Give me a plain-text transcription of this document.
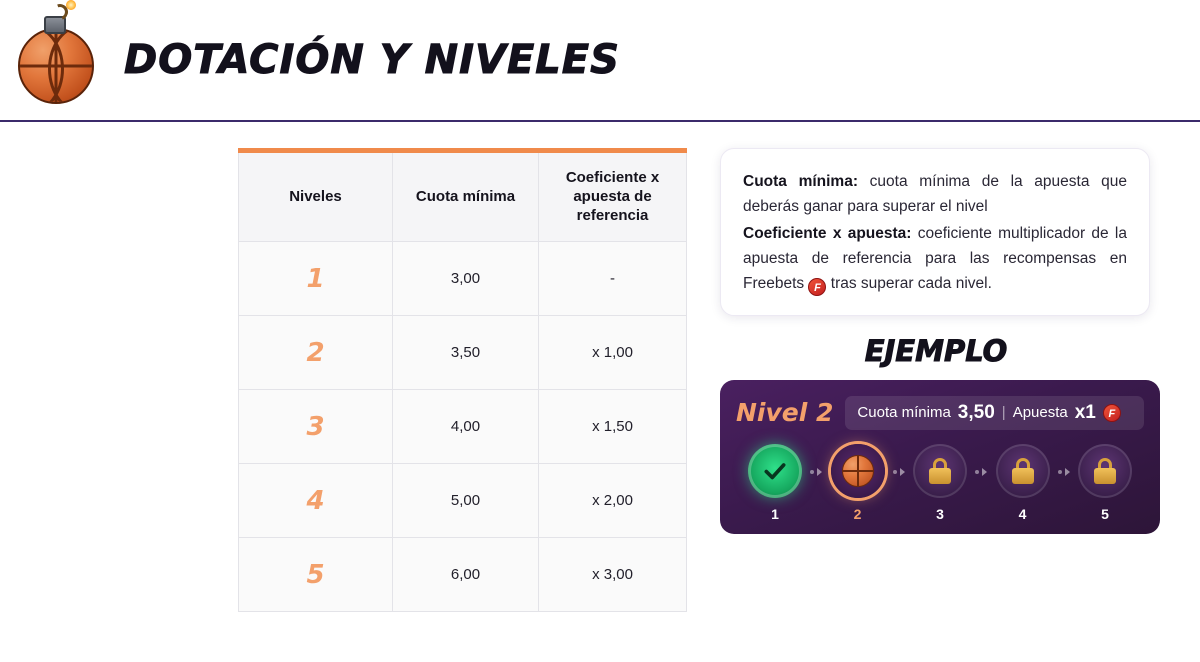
DOTACIÓN Y NIVELES
Niveles	Cuota mínima	Coeficiente x apuesta de referencia
1	3,00	-
2	3,50	x 1,00
3	4,00	x 1,50
4	5,00	x 2,00
5	6,00	x 3,00

Cuota mínima: cuota mínima de la apuesta que deberás ganar para superar el nivel

Coeficiente x apuesta: coeficiente multiplicador de la apuesta de referencia para las recompensas en Freebets F tras superar cada nivel.

EJEMPLO
Nivel 2 Cuota mínima 3,50 | Apuesta x1	F
1	2	3	4	5
